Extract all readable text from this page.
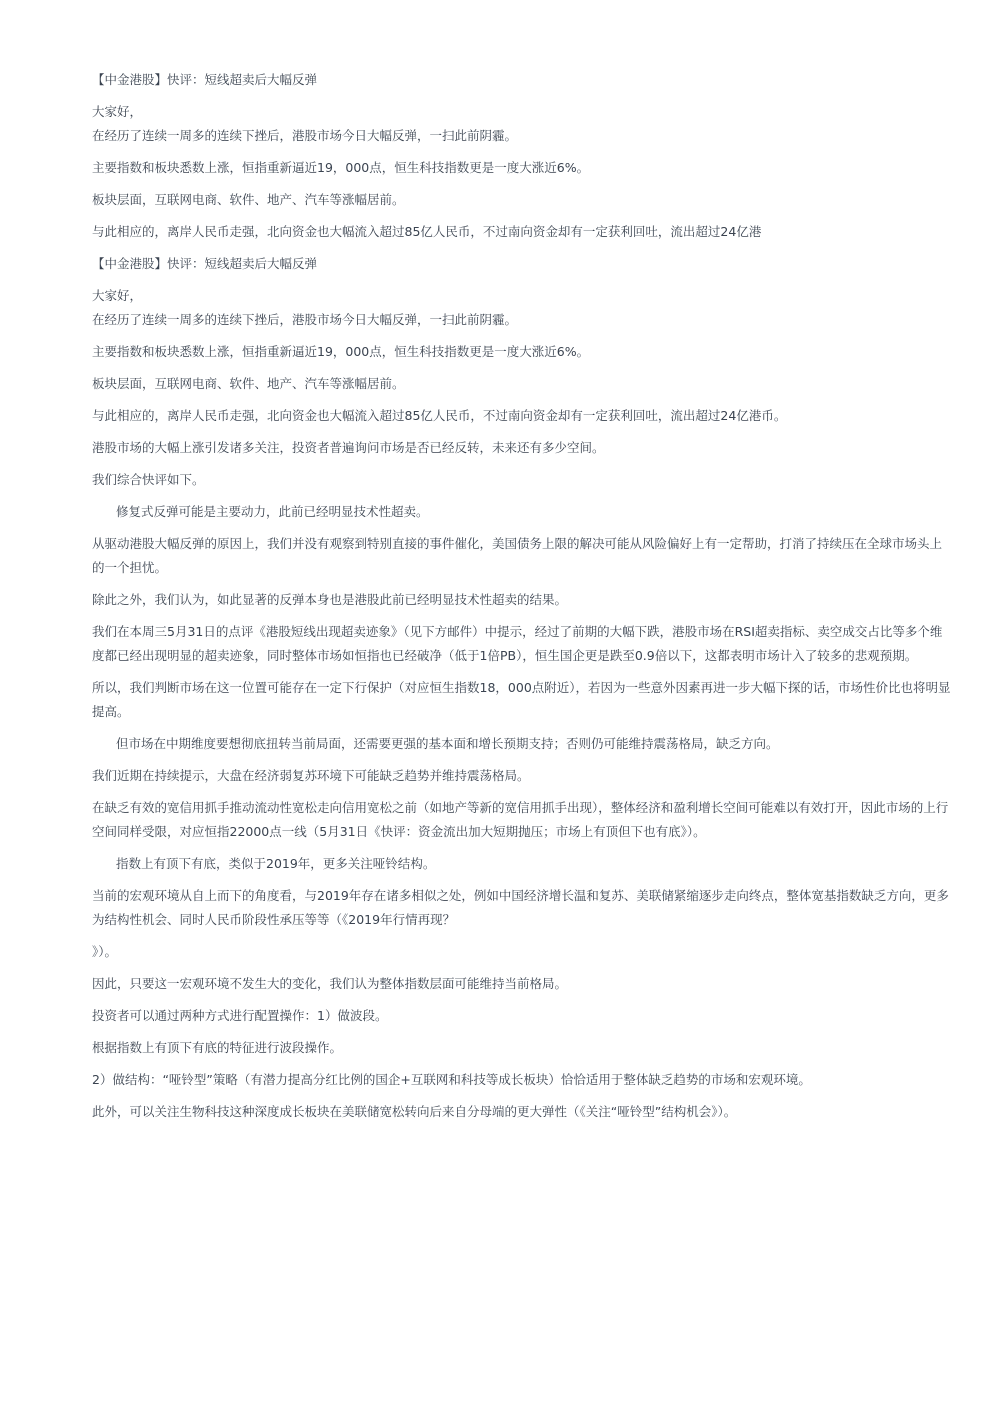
【中金港股】快评：短线超卖后大幅反弹

大家好，

在经历了连续一周多的连续下挫后，港股市场今日大幅反弹，一扫此前阴霾。

主要指数和板块悉数上涨，恒指重新逼近19，000点，恒生科技指数更是一度大涨近6%。

板块层面，互联网电商、软件、地产、汽车等涨幅居前。

与此相应的，离岸人民币走强，北向资金也大幅流入超过85亿人民币，不过南向资金却有一定获利回吐，流出超过24亿港

【中金港股】快评：短线超卖后大幅反弹

大家好，

在经历了连续一周多的连续下挫后，港股市场今日大幅反弹，一扫此前阴霾。

主要指数和板块悉数上涨，恒指重新逼近19，000点，恒生科技指数更是一度大涨近6%。

板块层面，互联网电商、软件、地产、汽车等涨幅居前。

与此相应的，离岸人民币走强，北向资金也大幅流入超过85亿人民币，不过南向资金却有一定获利回吐，流出超过24亿港币。

港股市场的大幅上涨引发诸多关注，投资者普遍询问市场是否已经反转，未来还有多少空间。

我们综合快评如下。

修复式反弹可能是主要动力，此前已经明显技术性超卖。

从驱动港股大幅反弹的原因上，我们并没有观察到特别直接的事件催化，美国债务上限的解决可能从风险偏好上有一定帮助，打消了持续压在全球市场头上的一个担忧。

除此之外，我们认为，如此显著的反弹本身也是港股此前已经明显技术性超卖的结果。

我们在本周三5月31日的点评《港股短线出现超卖迹象》（见下方邮件）中提示，经过了前期的大幅下跌，港股市场在RSI超卖指标、卖空成交占比等多个维度都已经出现明显的超卖迹象，同时整体市场如恒指也已经破净（低于1倍PB），恒生国企更是跌至0.9倍以下，这都表明市场计入了较多的悲观预期。

所以，我们判断市场在这一位置可能存在一定下行保护（对应恒生指数18，000点附近），若因为一些意外因素再进一步大幅下探的话，市场性价比也将明显提高。

但市场在中期维度要想彻底扭转当前局面，还需要更强的基本面和增长预期支持；否则仍可能维持震荡格局，缺乏方向。

我们近期在持续提示，大盘在经济弱复苏环境下可能缺乏趋势并维持震荡格局。

在缺乏有效的宽信用抓手推动流动性宽松走向信用宽松之前（如地产等新的宽信用抓手出现），整体经济和盈利增长空间可能难以有效打开，因此市场的上行空间同样受限，对应恒指22000点一线（5月31日《快评：资金流出加大短期抛压；市场上有顶但下也有底》）。

指数上有顶下有底，类似于2019年，更多关注哑铃结构。

当前的宏观环境从自上而下的角度看，与2019年存在诸多相似之处，例如中国经济增长温和复苏、美联储紧缩逐步走向终点，整体宽基指数缺乏方向，更多为结构性机会、同时人民币阶段性承压等等（《2019年行情再现？

》）。

因此，只要这一宏观环境不发生大的变化，我们认为整体指数层面可能维持当前格局。

投资者可以通过两种方式进行配置操作：1）做波段。

根据指数上有顶下有底的特征进行波段操作。

2）做结构：“哑铃型”策略（有潜力提高分红比例的国企+互联网和科技等成长板块）恰恰适用于整体缺乏趋势的市场和宏观环境。

此外，可以关注生物科技这种深度成长板块在美联储宽松转向后来自分母端的更大弹性（《关注“哑铃型”结构机会》）。
